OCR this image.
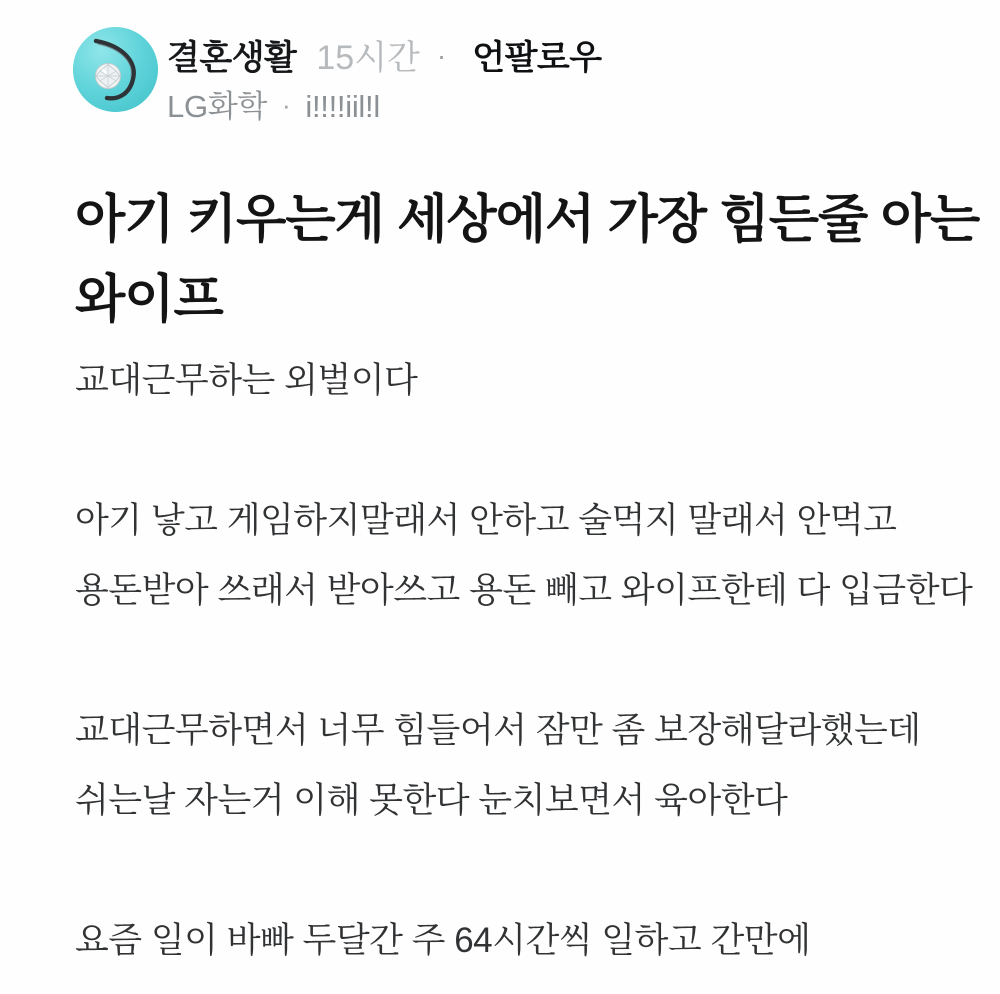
결혼생활 15시간 · 언팔로우
LG화학 · i!!!!iil!l
아기 키우는게 세상에서 가장 힘든줄 아는
와이프

교대근무하는 외벌이다

아기 낳고 게임하지말래서 안하고 술먹지 말래서 안먹고
용돈받아 쓰래서 받아쓰고 용돈 빼고 와이프한테 다 입금한다

교대근무하면서 너무 힘들어서 잠만 좀 보장해달라했는데
쉬는날 자는거 이해 못한다 눈치보면서 육아한다

요즘 일이 바빠 두달간 주 64시간씩 일하고 간만에
